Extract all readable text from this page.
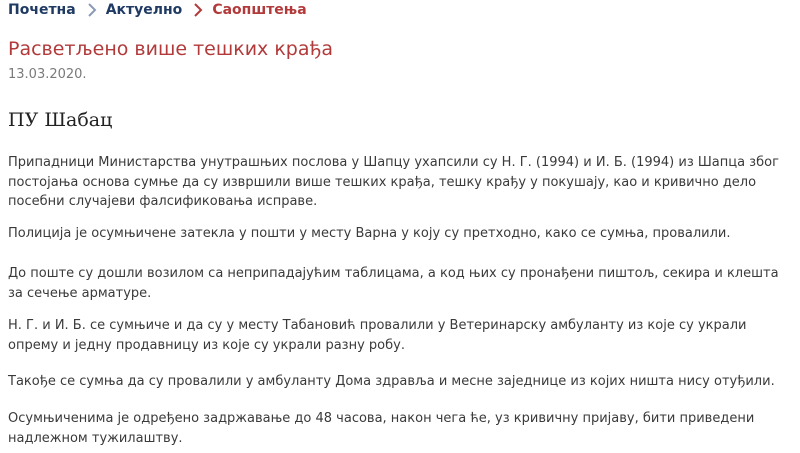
Почетна Актуелно Саопштења
Расветљено више тешких крађа
13.03.2020.
ПУ Шабац

Припадници Министарства унутрашњих послова у Шапцу ухапсили су Н. Г. (1994) и И. Б. (1994) из Шапца због постојања основа сумње да су извршили више тешких крађа, тешку крађу у покушају, као и кривично дело посебни случајеви фалсификовања исправе.

Полиција је осумњичене затекла у пошти у месту Варна у коју су претходно, како се сумња, провалили.

До поште су дошли возилом са неприпадајућим таблицама, а код њих су пронађени пиштољ, секира и клешта за сечење арматуре.

Н. Г. и И. Б. се сумњиче и да су у месту Табановић провалили у Ветеринарску амбуланту из које су украли опрему и једну продавницу из које су украли разну робу.

Такође се сумња да су провалили у амбуланту Дома здравља и месне заједнице из којих ништа нису отуђили.

Осумњиченима је одређено задржавање до 48 часова, након чега ће, уз кривичну пријаву, бити приведени надлежном тужилаштву.
